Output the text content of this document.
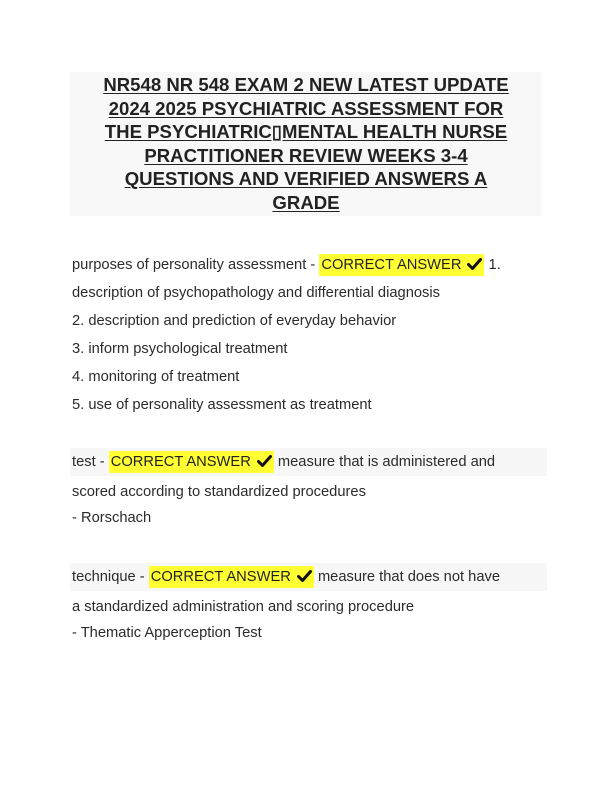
NR548 NR 548 EXAM 2 NEW LATEST UPDATE
2024 2025 PSYCHIATRIC ASSESSMENT FOR
THE PSYCHIATRIC▯MENTAL HEALTH NURSE
PRACTITIONER REVIEW WEEKS 3-4
QUESTIONS AND VERIFIED ANSWERS A
GRADE
purposes of personality assessment - CORRECT ANSWER
1.
description of psychopathology and differential diagnosis
2. description and prediction of everyday behavior
3. inform psychological treatment
4. monitoring of treatment
5. use of personality assessment as treatment
test - CORRECT ANSWER
measure that is administered and
scored according to standardized procedures
- Rorschach
technique - CORRECT ANSWER
measure that does not have
a standardized administration and scoring procedure
- Thematic Apperception Test
